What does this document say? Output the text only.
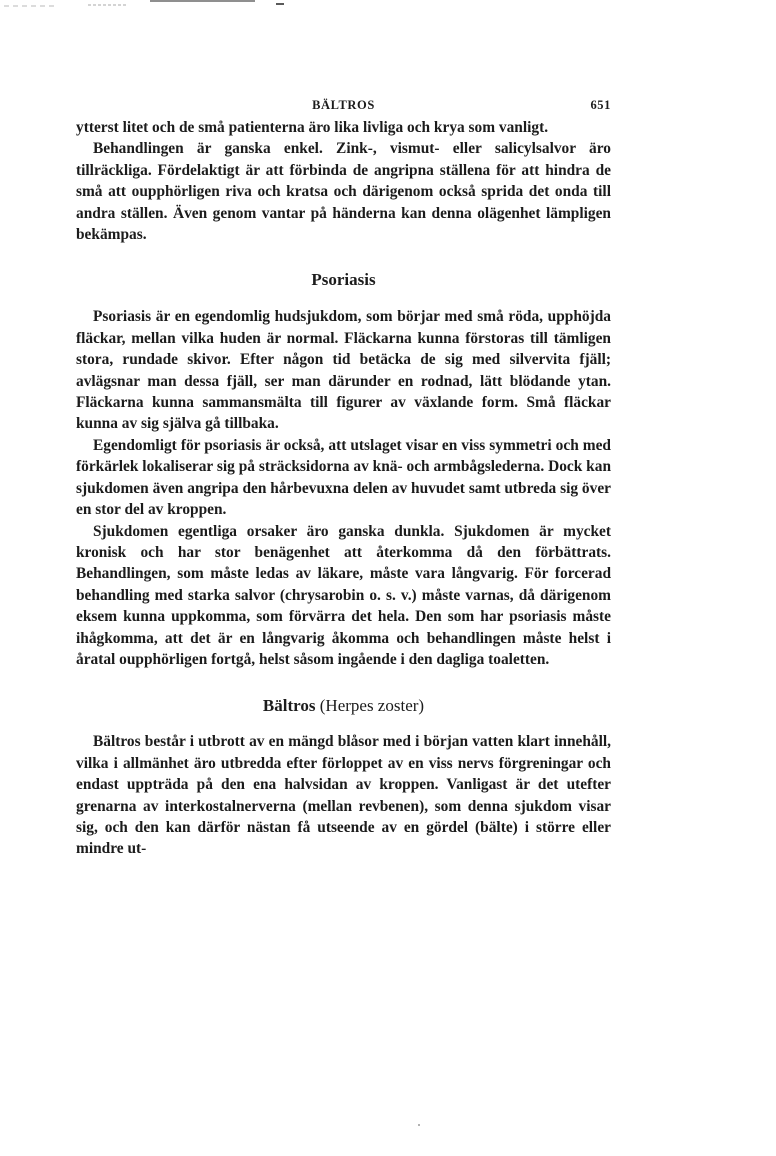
BÄLTROS	651

ytterst litet och de små patienterna äro lika livliga och krya som vanligt.

Behandlingen är ganska enkel. Zink-, vismut- eller salicylsalvor äro tillräckliga. Fördelaktigt är att förbinda de angripna ställena för att hindra de små att oupphörligen riva och kratsa och därigenom också sprida det onda till andra ställen. Även genom vantar på händerna kan denna olägenhet lämpligen bekämpas.

Psoriasis

Psoriasis är en egendomlig hudsjukdom, som börjar med små röda, upphöjda fläckar, mellan vilka huden är normal. Fläckarna kunna förstoras till tämligen stora, rundade skivor. Efter någon tid betäcka de sig med silvervita fjäll; avlägsnar man dessa fjäll, ser man därunder en rodnad, lätt blödande ytan. Fläckarna kunna sammansmälta till figurer av växlande form. Små fläckar kunna av sig själva gå tillbaka.

Egendomligt för psoriasis är också, att utslaget visar en viss symmetri och med förkärlek lokaliserar sig på sträcksidorna av knä- och armbågslederna. Dock kan sjukdomen även angripa den hårbevuxna delen av huvudet samt utbreda sig över en stor del av kroppen.

Sjukdomen egentliga orsaker äro ganska dunkla. Sjukdomen är mycket kronisk och har stor benägenhet att återkomma då den förbättrats. Behandlingen, som måste ledas av läkare, måste vara långvarig. För forcerad behandling med starka salvor (chrysarobin o. s. v.) måste varnas, då därigenom eksem kunna uppkomma, som förvärra det hela. Den som har psoriasis måste ihågkomma, att det är en långvarig åkomma och behandlingen måste helst i åratal oupphörligen fortgå, helst såsom ingående i den dagliga toaletten.

Bältros (Herpes zoster)

Bältros består i utbrott av en mängd blåsor med i början vatten klart innehåll, vilka i allmänhet äro utbredda efter förloppet av en viss nervs förgreningar och endast uppträda på den ena halvsidan av kroppen. Vanligast är det utefter grenarna av interkostalnerverna (mellan revbenen), som denna sjukdom visar sig, och den kan därför nästan få utseende av en gördel (bälte) i större eller mindre ut-
